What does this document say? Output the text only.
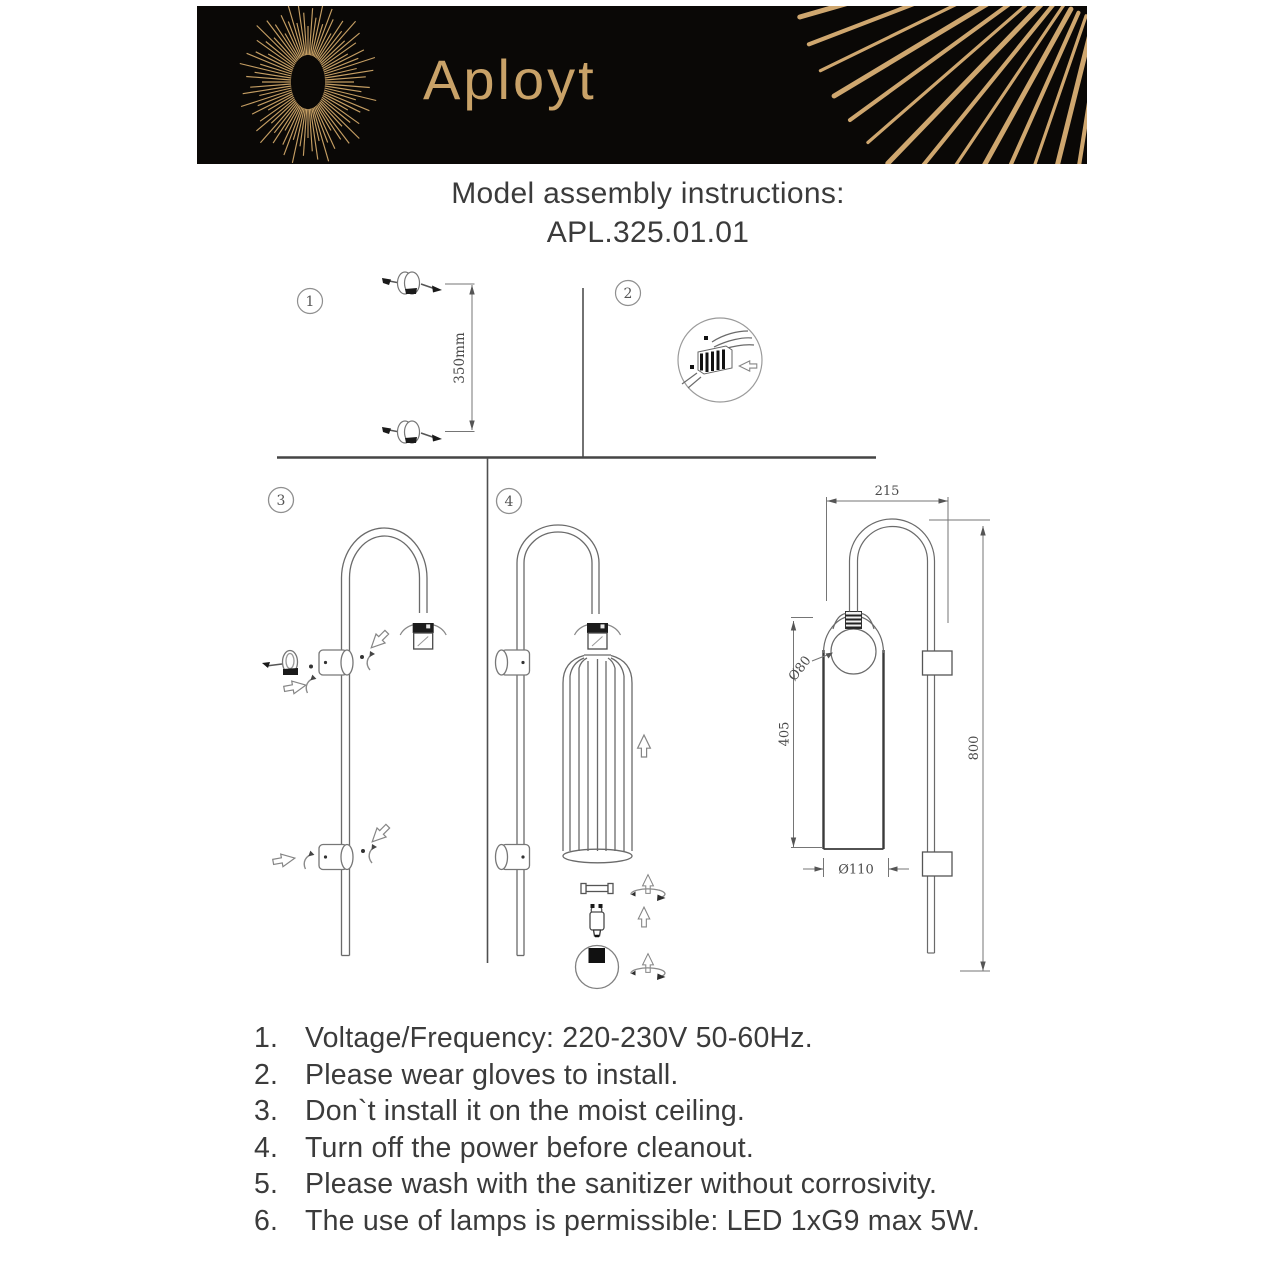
Aployt
Model assembly instructions:
APL.325.01.01
1
350mm
2
3	4
215
800
405
Ø80
Ø110
1. Voltage/Frequency: 220-230V 50-60Hz.
2. Please wear gloves to install.
3. Don`t install it on the moist ceiling.
4. Turn off the power before cleanout.
5. Please wash with the sanitizer without corrosivity.
6. The use of lamps is permissible: LED 1xG9 max 5W.
